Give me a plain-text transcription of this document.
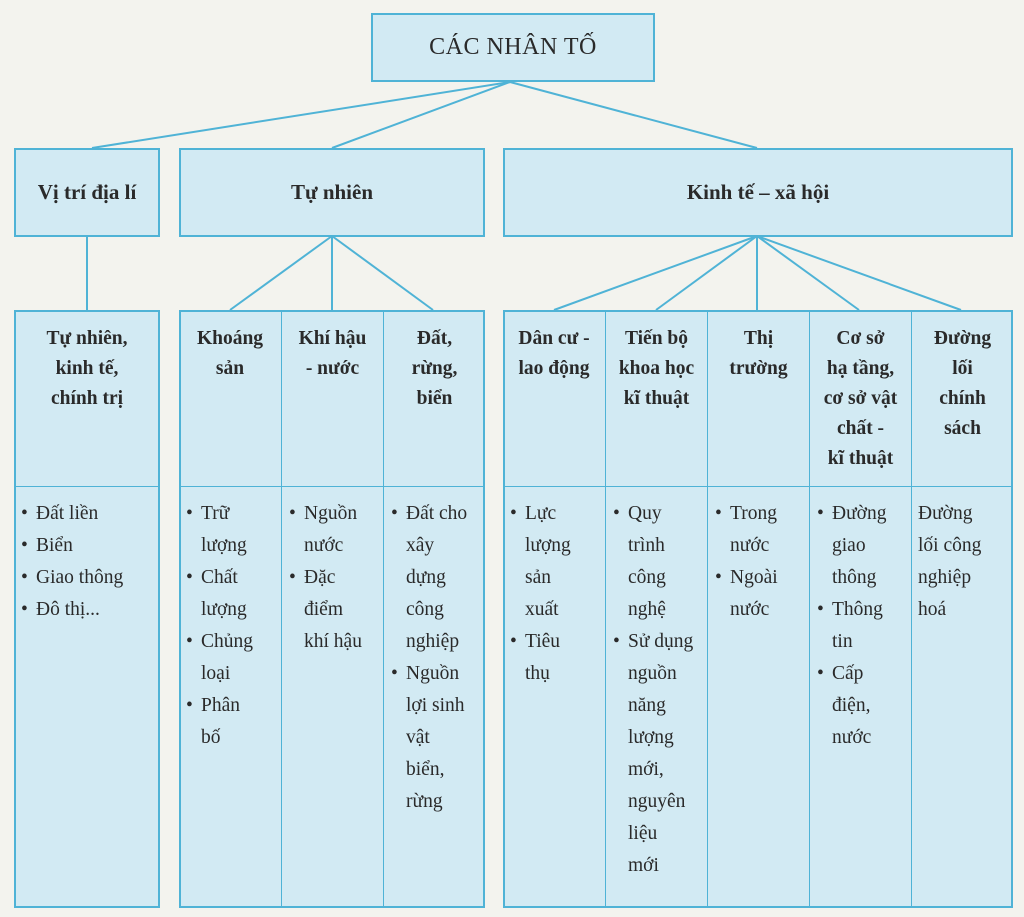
CÁC NHÂN TỐ
Vị trí địa lí	Tự nhiên	Kinh tế – xã hội
Tự nhiên,
kinh tế,
chính trị
• Đất liền
• Biển
• Giao thông
• Đô thị...
Khoáng
sản
• Trữ
lượng
• Chất
lượng
• Chủng
loại
• Phân
bố
Khí hậu
- nước
• Nguồn
nước
• Đặc
điểm
khí hậu
Đất,
rừng,
biển
• Đất cho
xây
dựng
công
nghiệp
• Nguồn
lợi sinh
vật
biển,
rừng
Dân cư -
lao động
• Lực
lượng
sản
xuất
• Tiêu
thụ
Tiến bộ
khoa học
kĩ thuật
• Quy
trình
công
nghệ
• Sử dụng
nguồn
năng
lượng
mới,
nguyên
liệu
mới
Thị
trường
• Trong
nước
• Ngoài
nước
Cơ sở
hạ tầng,
cơ sở vật
chất -
kĩ thuật
• Đường
giao
thông
• Thông
tin
• Cấp
điện,
nước
Đường
lối
chính
sách
Đường
lối công
nghiệp
hoá
